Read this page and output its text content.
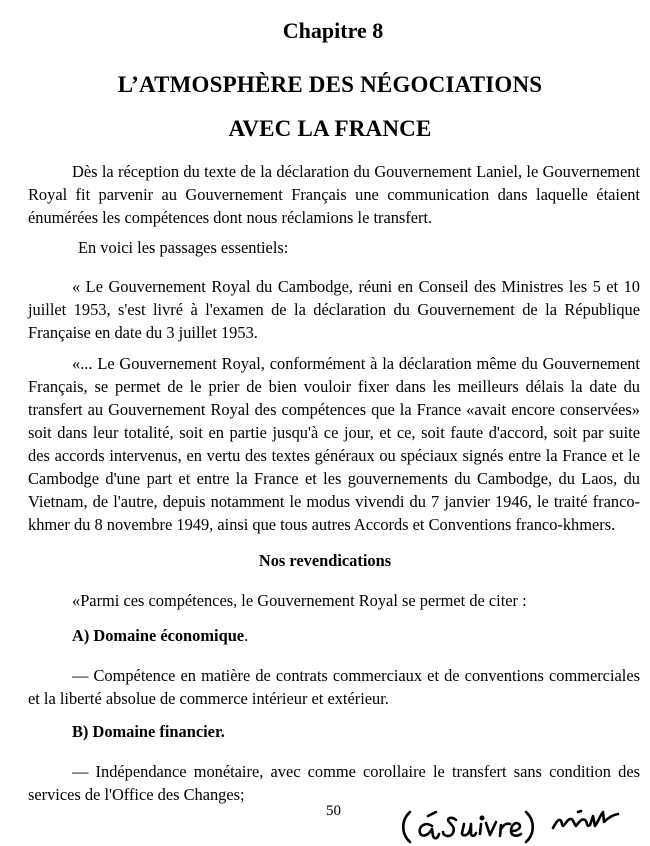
Chapitre 8
L’ATMOSPHÈRE DES NÉGOCIATIONS
AVEC LA FRANCE

Dès la réception du texte de la déclaration du Gouvernement Laniel, le Gouvernement Royal fit parvenir au Gouvernement Français une communication dans laquelle étaient énumérées les compétences dont nous réclamions le transfert.

En voici les passages essentiels:

« Le Gouvernement Royal du Cambodge, réuni en Conseil des Ministres les 5 et 10 juillet 1953, s'est livré à l'examen de la déclaration du Gouvernement de la République Française en date du 3 juillet 1953.

«... Le Gouvernement Royal, conformément à la déclaration même du Gouvernement Français, se permet de le prier de bien vouloir fixer dans les meilleurs délais la date du transfert au Gouvernement Royal des compétences que la France «avait encore conservées» soit dans leur totalité, soit en partie jusqu'à ce jour, et ce, soit faute d'accord, soit par suite des accords intervenus, en vertu des textes généraux ou spéciaux signés entre la France et le Cambodge d'une part et entre la France et les gouvernements du Cambodge, du Laos, du Vietnam, de l'autre, depuis notamment le modus vivendi du 7 janvier 1946, le traité franco-khmer du 8 novembre 1949, ainsi que tous autres Accords et Conventions franco-khmers.

Nos revendications

«Parmi ces compétences, le Gouvernement Royal se permet de citer :

A) Domaine économique.

— Compétence en matière de contrats commerciaux et de conventions commerciales et la liberté absolue de commerce intérieur et extérieur.

B) Domaine financier.

— Indépendance monétaire, avec comme corollaire le transfert sans condition des services de l'Office des Changes;

50
